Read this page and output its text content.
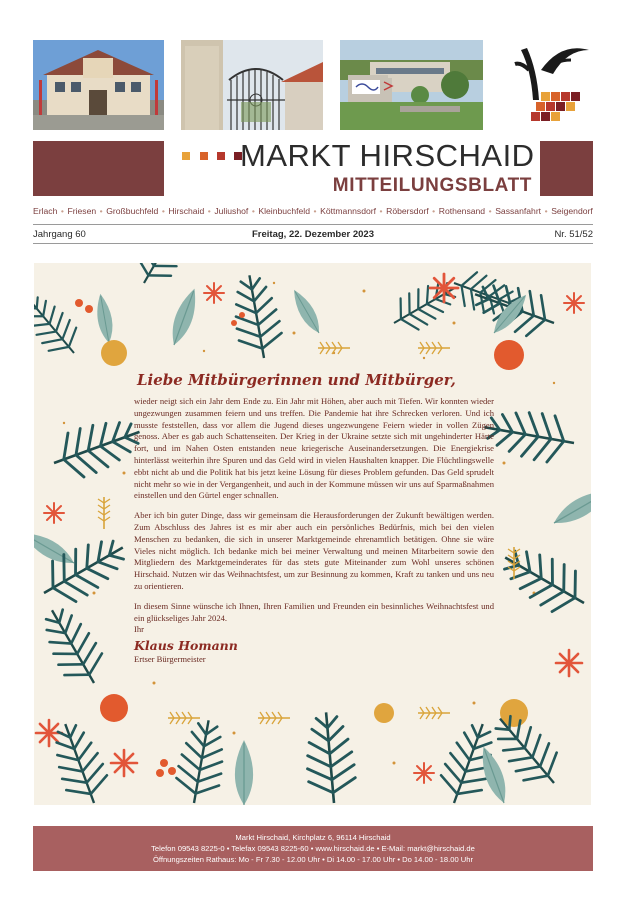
MARKT HIRSCHAID
MITTEILUNGSBLATT
Erlach • Friesen • Großbuchfeld • Hirschaid • Juliushof • Kleinbuchfeld • Köttmannsdorf • Röbersdorf • Rothensand • Sassanfahrt • Seigendorf
Jahrgang 60	Freitag, 22. Dezember 2023	Nr. 51/52
Liebe Mitbürgerinnen und Mitbürger,

wieder neigt sich ein Jahr dem Ende zu. Ein Jahr mit Höhen, aber auch mit Tiefen. Wir konnten wieder ungezwungen zusammen feiern und uns treffen. Die Pandemie hat ihre Schrecken verloren. Und ich musste feststellen, dass vor allem die Jugend dieses ungezwungene Feiern wieder in vollen Zügen genoss. Aber es gab auch Schattenseiten. Der Krieg in der Ukraine setzte sich mit ungehinderter Härte fort, und im Nahen Osten entstanden neue kriegerische Auseinandersetzungen. Die Energiekrise hinterlässt weiterhin ihre Spuren und das Geld wird in vielen Haushalten knapper. Die Flüchtlingswelle ebbt nicht ab und die Politik hat bis jetzt keine Lösung für dieses Problem gefunden. Das Geld sprudelt nicht mehr so wie in der Vergangenheit, und auch in der Kommune müssen wir uns auf Sparmaßnahmen einstellen und den Gürtel enger schnallen.

Aber ich bin guter Dinge, dass wir gemeinsam die Herausforderungen der Zukunft bewältigen werden. Zum Abschluss des Jahres ist es mir aber auch ein persönliches Bedürfnis, mich bei den vielen Menschen zu bedanken, die sich in unserer Marktgemeinde ehrenamtlich betätigen. Ohne sie wäre Vieles nicht möglich. Ich bedanke mich bei meiner Verwaltung und meinen Mitarbeitern sowie den Mitgliedern des Marktgemeinderates für das stets gute Miteinander zum Wohl unseres schönen Hirschaid. Nutzen wir das Weihnachtsfest, um zur Besinnung zu kommen, Kraft zu tanken und uns neu zu orientieren.

In diesem Sinne wünsche ich Ihnen, Ihren Familien und Freunden ein besinnliches Weihnachtsfest und ein glückseliges Jahr 2024.

Ihr
Klaus Homann
Ertser Bürgermeister
Markt Hirschaid, Kirchplatz 6, 96114 Hirschaid
Telefon 09543 8225-0 • Telefax 09543 8225-60 • www.hirschaid.de • E-Mail: markt@hirschaid.de
Öffnungszeiten Rathaus: Mo - Fr 7.30 - 12.00 Uhr • Di 14.00 - 17.00 Uhr • Do 14.00 - 18.00 Uhr
